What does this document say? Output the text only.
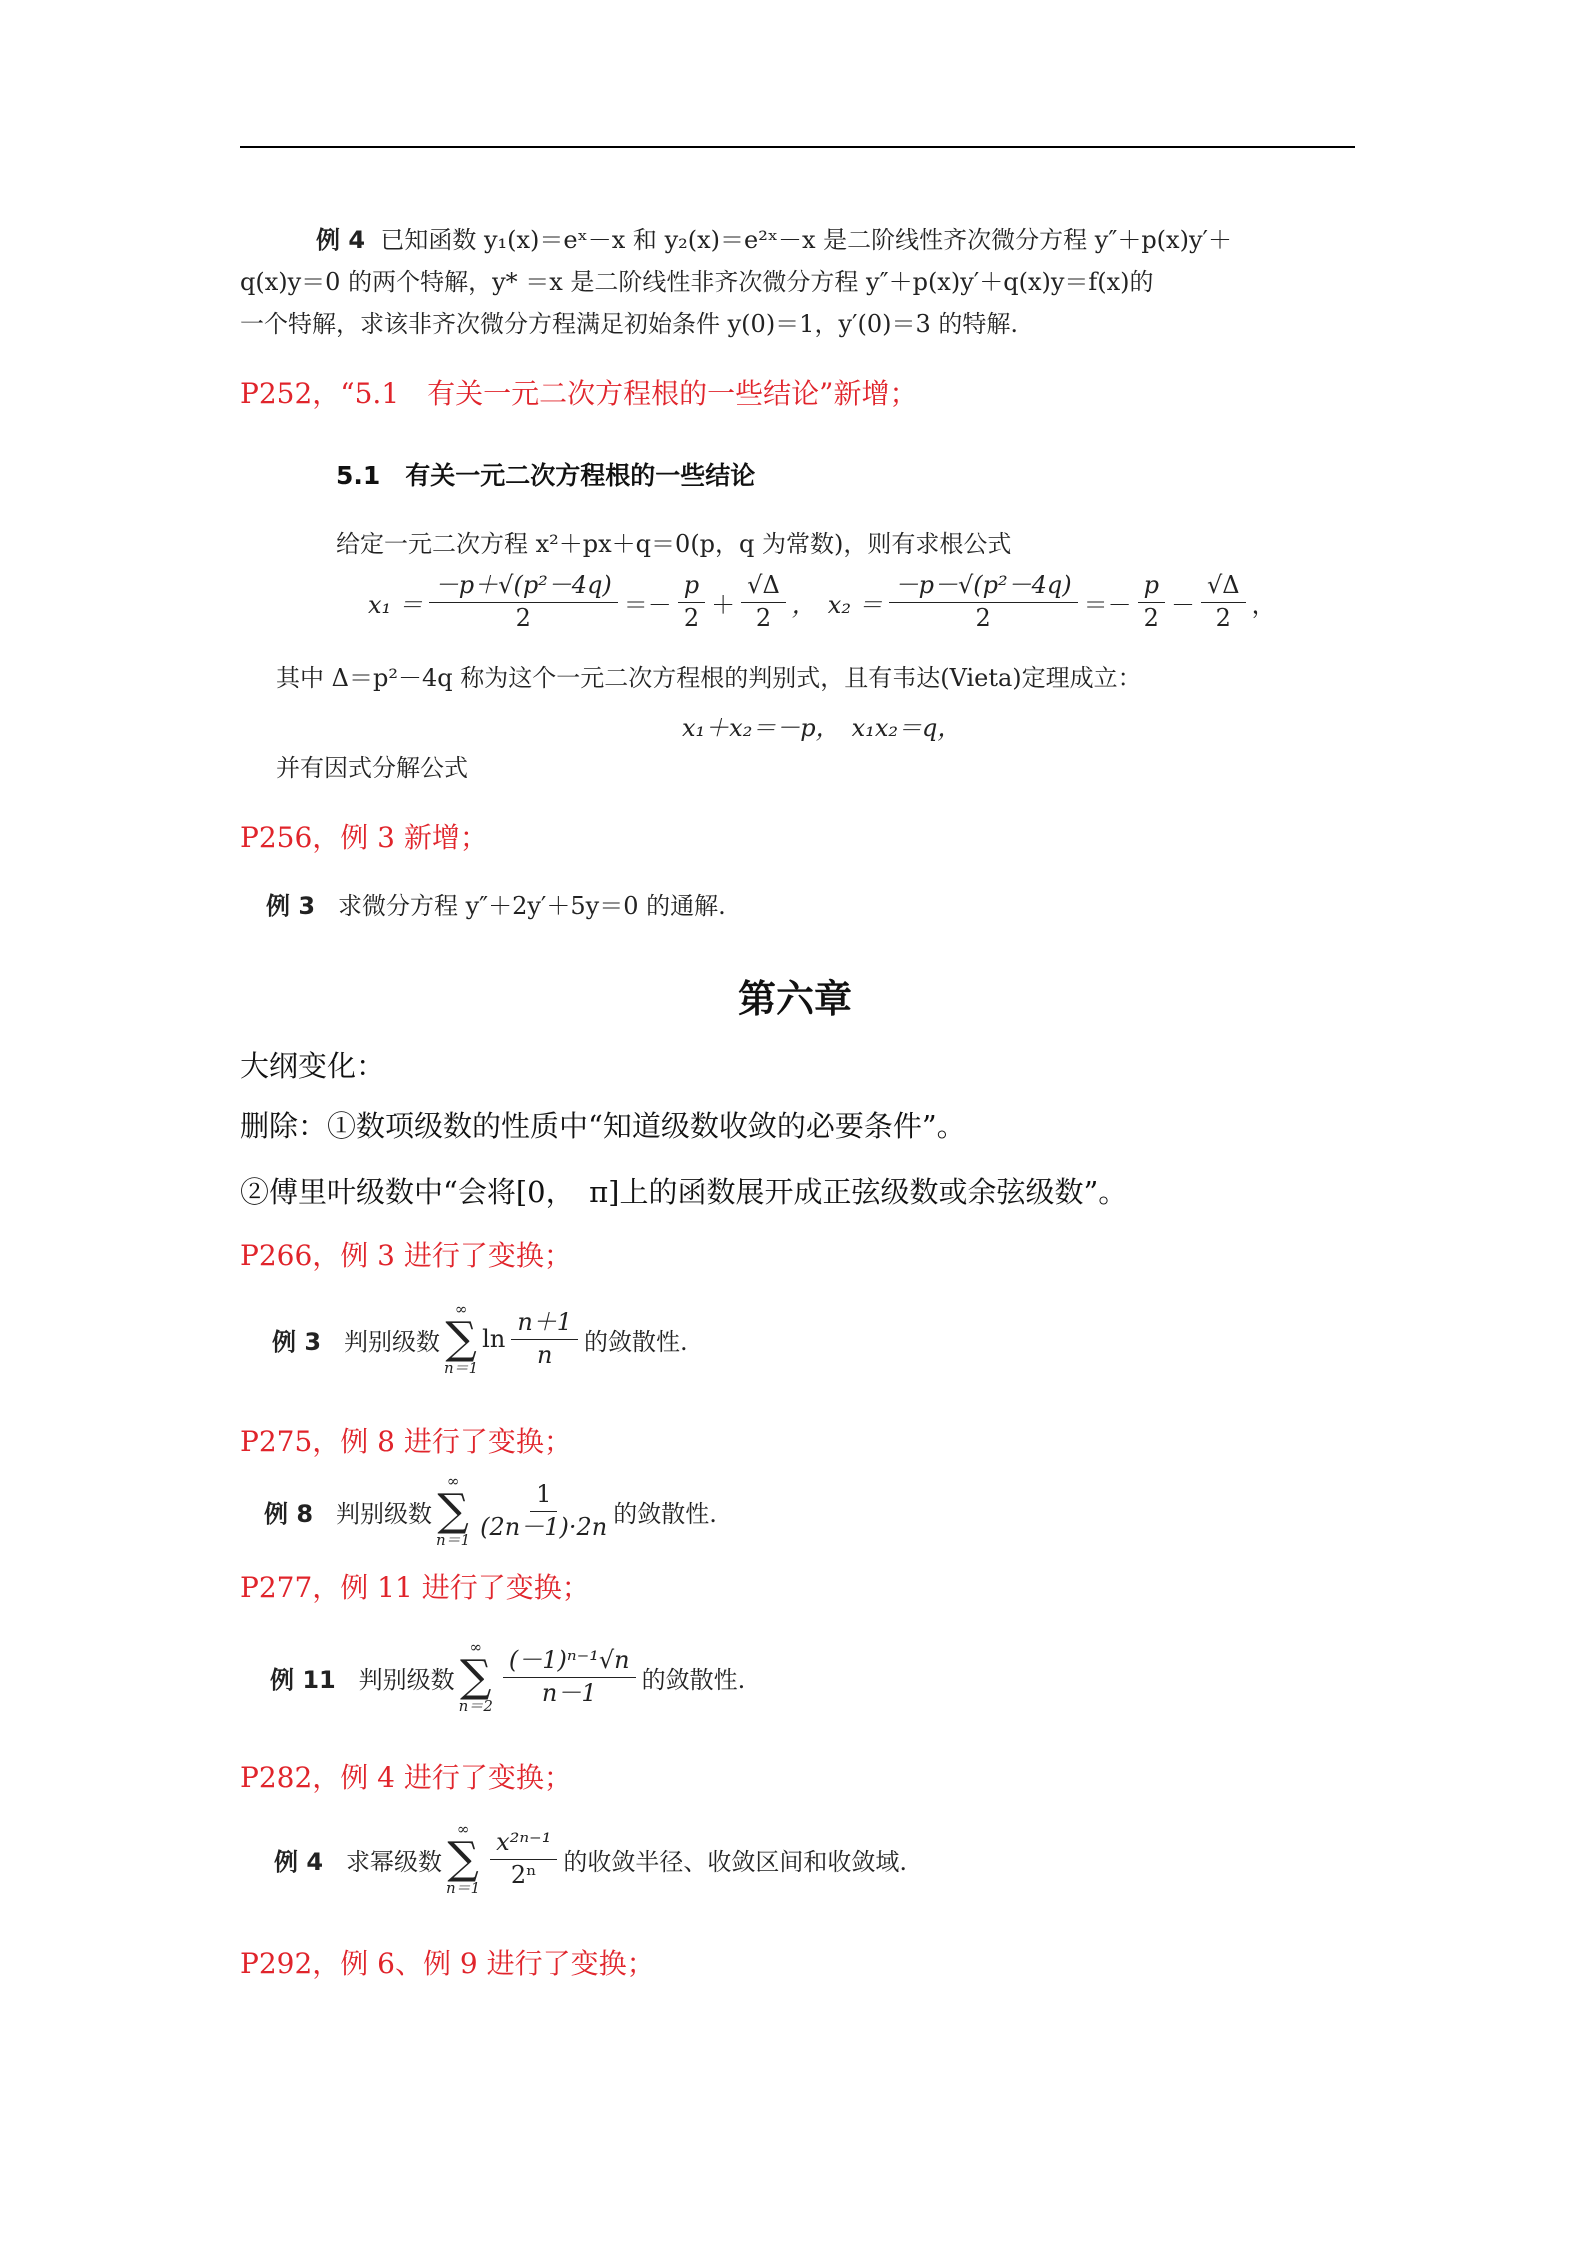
例 4 已知函数 y₁(x)＝eˣ－x 和 y₂(x)＝e²ˣ－x 是二阶线性齐次微分方程 y″＋p(x)y′＋
q(x)y＝0 的两个特解，y* ＝x 是二阶线性非齐次微分方程 y″＋p(x)y′＋q(x)y＝f(x)的
一个特解，求该非齐次微分方程满足初始条件 y(0)＝1，y′(0)＝3 的特解.
P252，“5.1　有关一元二次方程根的一些结论”新增；
5.1　有关一元二次方程根的一些结论
给定一元二次方程 x²＋px＋q＝0(p，q 为常数)，则有求根公式
$x_1 = \frac{\text{－p＋√(p²－4q)}}{2} =- \frac{p}{2} + \frac{√\Delta}{2}$ ，　$x_2 = \frac{\text{－p－√(p²－4q)}}{2} =- \frac{p}{2} - \frac{√\Delta}{2}$ ，
其中 Δ＝p²－4q 称为这个一元二次方程根的判别式，且有韦达(Vieta)定理成立：
x₁＋x₂＝－p，　x₁x₂＝q，
并有因式分解公式
P256，例 3 新增；
例 3 求微分方程 y″＋2y′＋5y＝0 的通解.
第六章
大纲变化：
删除：①数项级数的性质中“知道级数收敛的必要条件”。
②傅里叶级数中“会将[0，　π]上的函数展开成正弦级数或余弦级数”。
P266，例 3 进行了变换；
例 3
判别级数
∞
∑
n＝1
$\ln \frac{n+1}{n}$ 的敛散性.
P275，例 8 进行了变换；
例 8
判别级数
∞
∑
$n=1 \frac{1}{(2n-1)\cdot 2n}$ 的敛散性.
P277，例 11 进行了变换；
例 11
判别级数
∞
∑
$n=2 \frac{\text{(－1)ⁿ⁻¹√n}}{n-1}$ 的敛散性.
P282，例 4 进行了变换；
例 4
求幂级数
∞
∑
$n=1 \frac{\text{x²ⁿ⁻¹}}{\text{2ⁿ}}$ 的收敛半径、收敛区间和收敛域.
P292，例 6、例 9 进行了变换；
